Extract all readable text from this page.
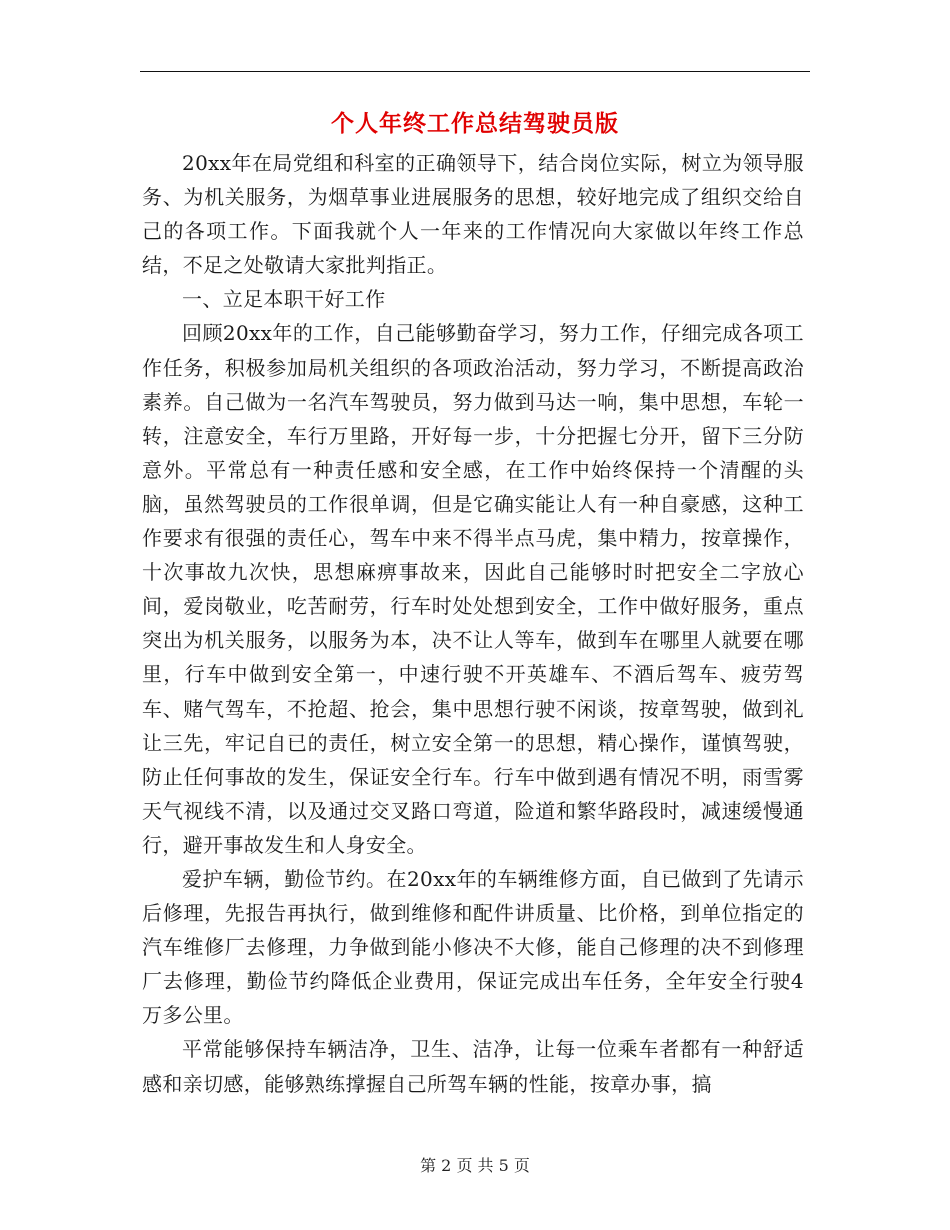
个人年终工作总结驾驶员版

20xx年在局党组和科室的正确领导下，结合岗位实际，树立为领导服务、为机关服务，为烟草事业进展服务的思想，较好地完成了组织交给自己的各项工作。下面我就个人一年来的工作情况向大家做以年终工作总结，不足之处敬请大家批判指正。

一、立足本职干好工作

回顾20xx年的工作，自己能够勤奋学习，努力工作，仔细完成各项工作任务，积极参加局机关组织的各项政治活动，努力学习，不断提高政治素养。自己做为一名汽车驾驶员，努力做到马达一响，集中思想，车轮一转，注意安全，车行万里路，开好每一步，十分把握七分开，留下三分防意外。平常总有一种责任感和安全感，在工作中始终保持一个清醒的头脑，虽然驾驶员的工作很单调，但是它确实能让人有一种自豪感，这种工作要求有很强的责任心，驾车中来不得半点马虎，集中精力，按章操作，十次事故九次快，思想麻痹事故来，因此自己能够时时把安全二字放心间，爱岗敬业，吃苦耐劳，行车时处处想到安全，工作中做好服务，重点突出为机关服务，以服务为本，决不让人等车，做到车在哪里人就要在哪里，行车中做到安全第一，中速行驶不开英雄车、不酒后驾车、疲劳驾车、赌气驾车，不抢超、抢会，集中思想行驶不闲谈，按章驾驶，做到礼让三先，牢记自已的责任，树立安全第一的思想，精心操作，谨慎驾驶，防止任何事故的发生，保证安全行车。行车中做到遇有情况不明，雨雪雾天气视线不清，以及通过交叉路口弯道，险道和繁华路段时，减速缓慢通行，避开事故发生和人身安全。

爱护车辆，勤俭节约。在20xx年的车辆维修方面，自已做到了先请示后修理，先报告再执行，做到维修和配件讲质量、比价格，到单位指定的汽车维修厂去修理，力争做到能小修决不大修，能自己修理的决不到修理厂去修理，勤俭节约降低企业费用，保证完成出车任务，全年安全行驶4万多公里。

平常能够保持车辆洁净，卫生、洁净，让每一位乘车者都有一种舒适感和亲切感，能够熟练撑握自己所驾车辆的性能，按章办事，搞

第 2 页 共 5 页
